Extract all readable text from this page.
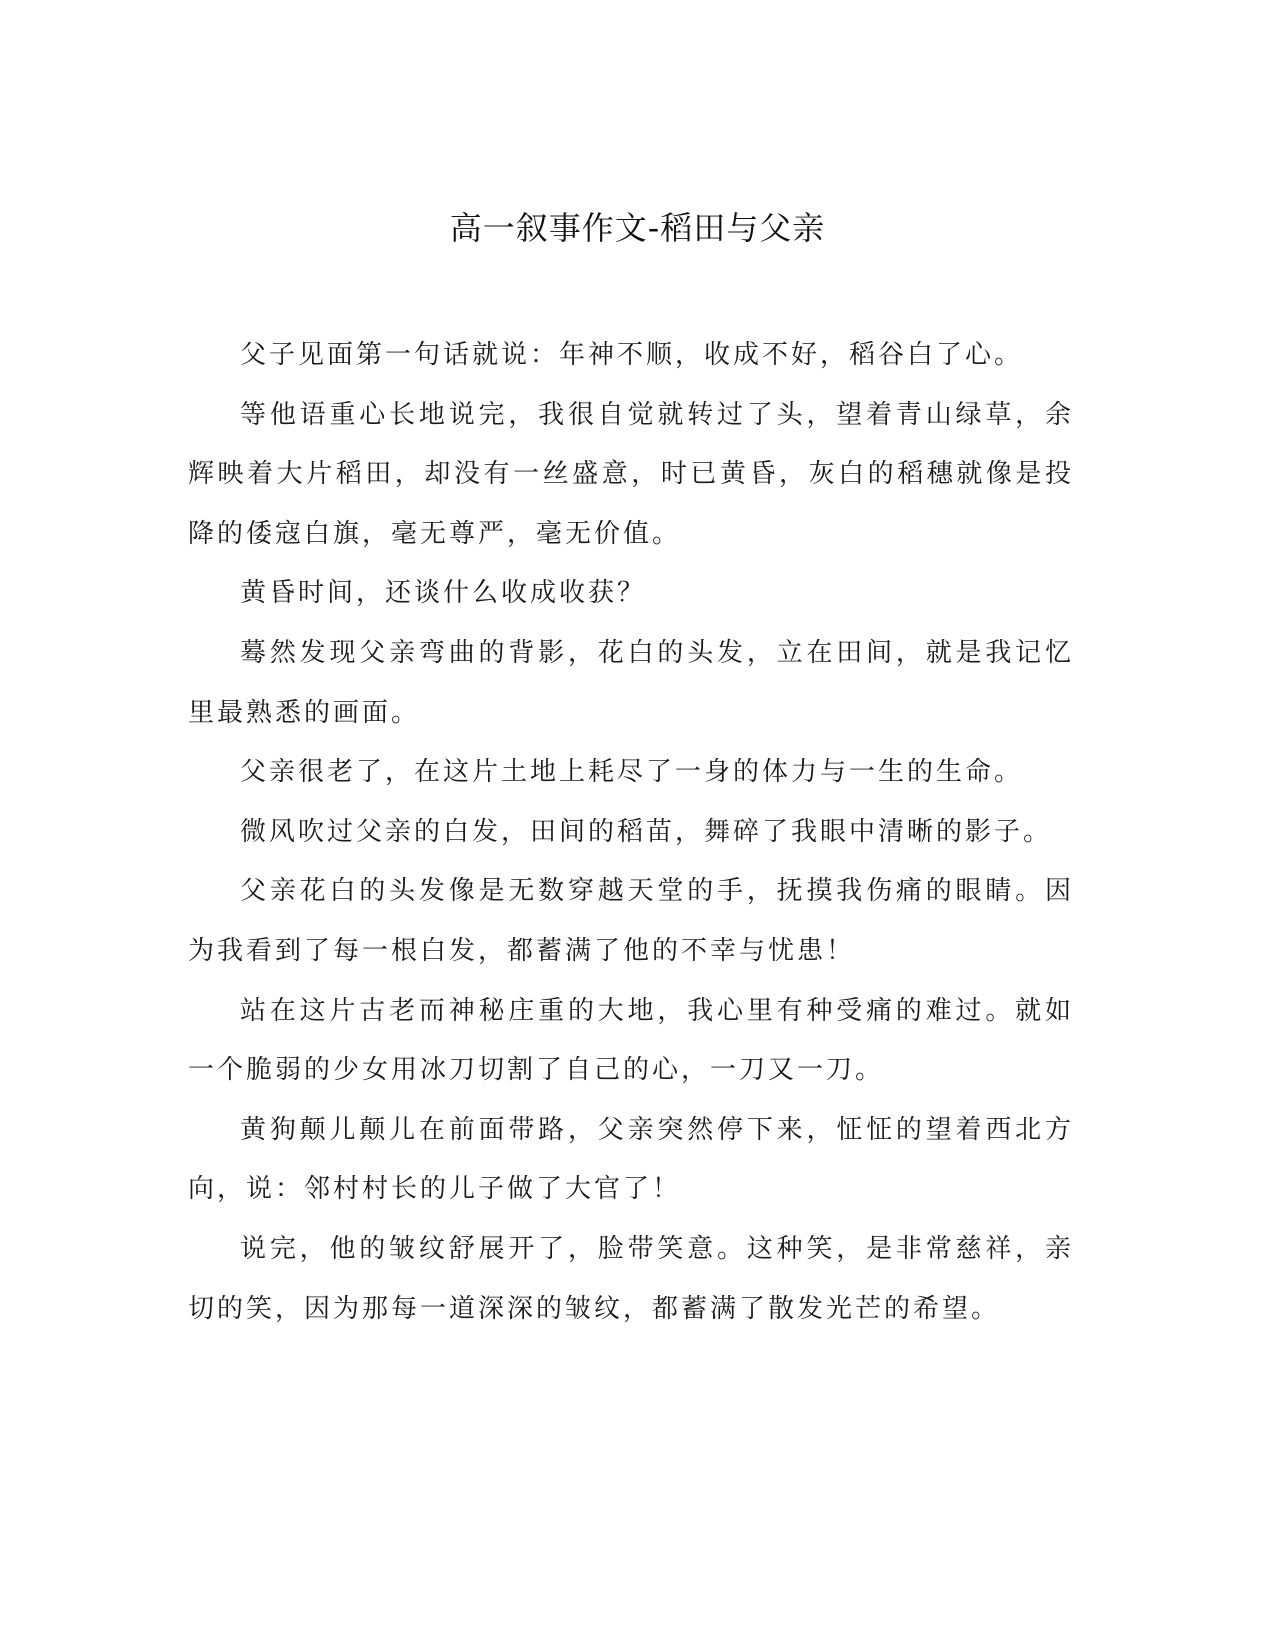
高一叙事作文-稻田与父亲

父子见面第一句话就说：年神不顺，收成不好，稻谷白了心。

等他语重心长地说完，我很自觉就转过了头，望着青山绿草，余辉映着大片稻田，却没有一丝盛意，时已黄昏，灰白的稻穗就像是投降的倭寇白旗，毫无尊严，毫无价值。

黄昏时间，还谈什么收成收获？

蓦然发现父亲弯曲的背影，花白的头发，立在田间，就是我记忆里最熟悉的画面。

父亲很老了，在这片土地上耗尽了一身的体力与一生的生命。

微风吹过父亲的白发，田间的稻苗，舞碎了我眼中清晰的影子。

父亲花白的头发像是无数穿越天堂的手，抚摸我伤痛的眼睛。因为我看到了每一根白发，都蓄满了他的不幸与忧患！

站在这片古老而神秘庄重的大地，我心里有种受痛的难过。就如一个脆弱的少女用冰刀切割了自己的心，一刀又一刀。

黄狗颠儿颠儿在前面带路，父亲突然停下来，怔怔的望着西北方向，说：邻村村长的儿子做了大官了！

说完，他的皱纹舒展开了，脸带笑意。这种笑，是非常慈祥，亲切的笑，因为那每一道深深的皱纹，都蓄满了散发光芒的希望。
